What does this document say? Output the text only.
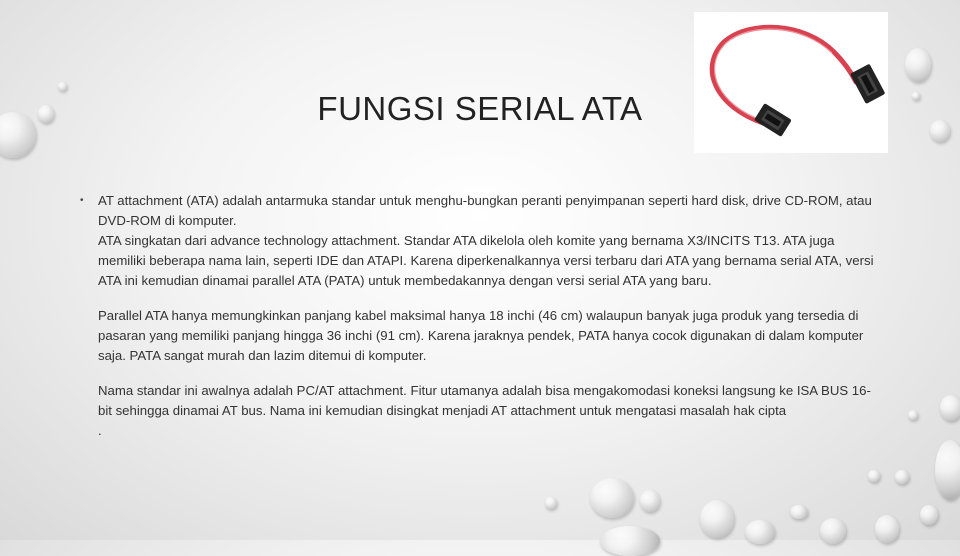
FUNGSI SERIAL ATA
•	AT attachment (ATA) adalah antarmuka standar untuk menghu-bungkan peranti penyimpanan seperti hard disk, drive CD-ROM, atau DVD-ROM di komputer.

ATA singkatan dari advance technology attachment. Standar ATA dikelola oleh komite yang bernama X3/INCITS T13. ATA juga memiliki beberapa nama lain, seperti IDE dan ATAPI. Karena diperkenalkannya versi terbaru dari ATA yang bernama serial ATA, versi ATA ini kemudian dinamai parallel ATA (PATA) untuk membedakannya dengan versi serial ATA yang baru.

Parallel ATA hanya memungkinkan panjang kabel maksimal hanya 18 inchi (46 cm) walaupun banyak juga produk yang tersedia di pasaran yang memiliki panjang hingga 36 inchi (91 cm). Karena jaraknya pendek, PATA hanya cocok digunakan di dalam komputer saja. PATA sangat murah dan lazim ditemui di komputer.

Nama standar ini awalnya adalah PC/AT attachment. Fitur utamanya adalah bisa mengakomodasi koneksi langsung ke ISA BUS 16-bit sehingga dinamai AT bus. Nama ini kemudian disingkat menjadi AT attachment untuk mengatasi masalah hak cipta

.
